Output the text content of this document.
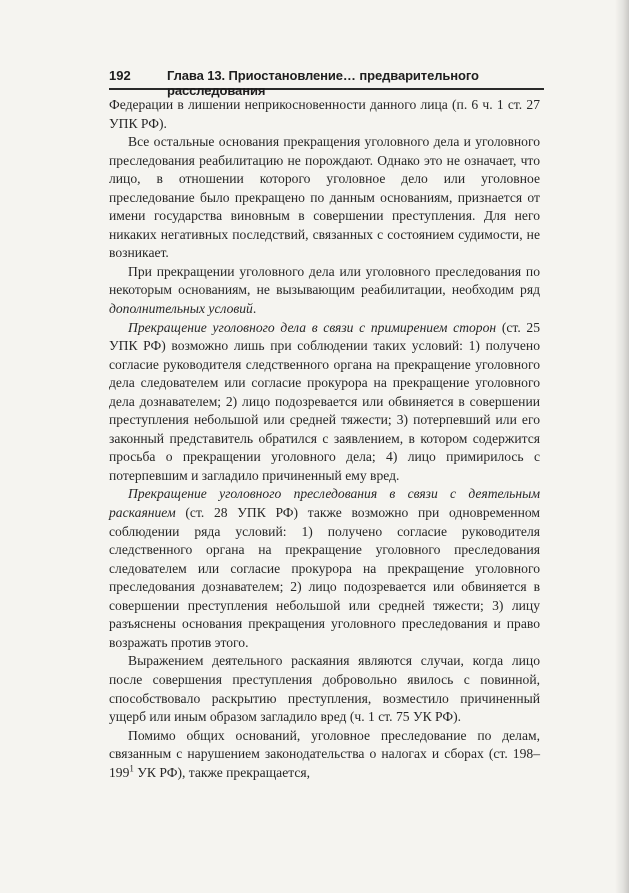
192	Глава 13. Приостановление… предварительного расследования

Федерации в лишении неприкосновенности данного лица (п. 6 ч. 1 ст. 27 УПК РФ).

Все остальные основания прекращения уголовного дела и уголовного преследования реабилитацию не порождают. Однако это не означает, что лицо, в отношении которого уголовное дело или уголовное преследование было прекращено по данным основаниям, признается от имени государства виновным в совершении преступления. Для него никаких негативных последствий, связанных с состоянием судимости, не возникает.

При прекращении уголовного дела или уголовного преследования по некоторым основаниям, не вызывающим реабилитации, необходим ряд дополнительных условий.

Прекращение уголовного дела в связи с примирением сторон (ст. 25 УПК РФ) возможно лишь при соблюдении таких условий: 1) получено согласие руководителя следственного органа на прекращение уголовного дела следователем или согласие прокурора на прекращение уголовного дела дознавателем; 2) лицо подозревается или обвиняется в совершении преступления небольшой или средней тяжести; 3) потерпевший или его законный представитель обратился с заявлением, в котором содержится просьба о прекращении уголовного дела; 4) лицо примирилось с потерпевшим и загладило причиненный ему вред.

Прекращение уголовного преследования в связи с деятельным раскаянием (ст. 28 УПК РФ) также возможно при одновременном соблюдении ряда условий: 1) получено согласие руководителя следственного органа на прекращение уголовного преследования следователем или согласие прокурора на прекращение уголовного преследования дознавателем; 2) лицо подозревается или обвиняется в совершении преступления небольшой или средней тяжести; 3) лицу разъяснены основания прекращения уголовного преследования и право возражать против этого.

Выражением деятельного раскаяния являются случаи, когда лицо после совершения преступления добровольно явилось с повинной, способствовало раскрытию преступления, возместило причиненный ущерб или иным образом загладило вред (ч. 1 ст. 75 УК РФ).

Помимо общих оснований, уголовное преследование по делам, связанным с нарушением законодательства о налогах и сборах (ст. $198-199^1$ УК РФ), также прекращается,
